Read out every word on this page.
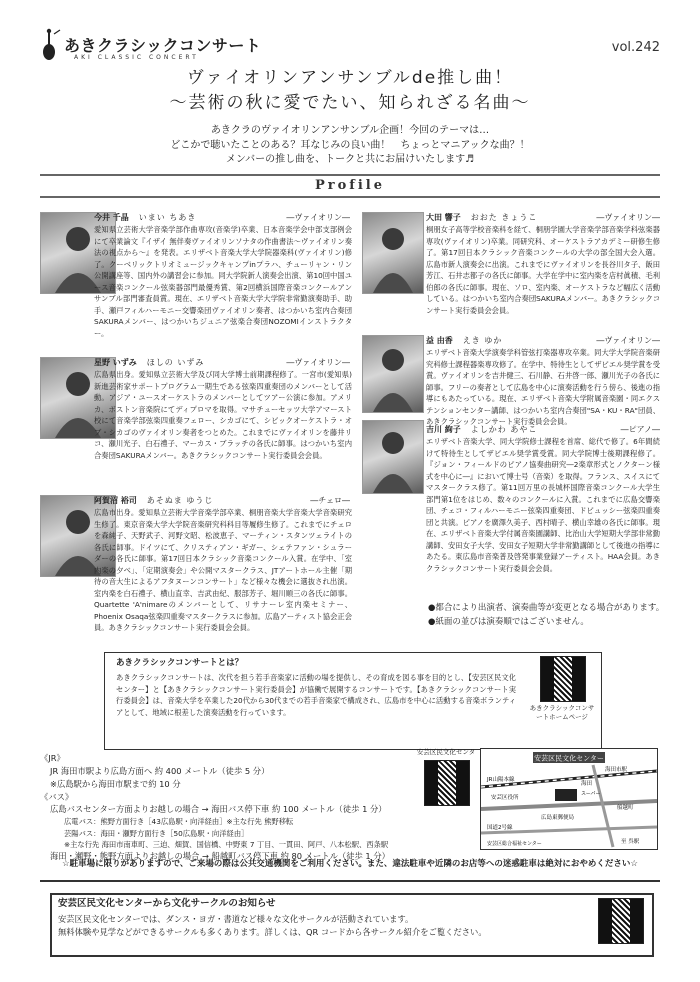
あきクラシックコンサート
AKI CLASSIC CONCERT
vol.242
ヴァイオリンアンサンブルde推し曲！
～芸術の秋に愛でたい、知られざる名曲～
あきクラのヴァイオリンアンサンブル企画！今回のテーマは…
どこかで聴いたことのある？耳なじみの良い曲！　ちょっとマニアックな曲？！
メンバーの推し曲を、トークと共にお届けいたします♬
Profile
今井 千晶 いまい ちあき	―ヴァイオリン―
愛知県立芸術大学音楽学部作曲専攻(音楽学)卒業、日本音楽学会中部支部例会にて卒業論文『イザイ 無伴奏ヴァイオリンソナタの作曲書法～ヴァイオリン奏法の視点から～』を発表。エリザベト音楽大学大学院器楽科(ヴァイオリン)修了。クーベリックトリオミュージックキャンプinプラハ、チューリャン・リン公開講座等、国内外の講習会に参加。同大学院新人演奏会出演、第10回中国ユース音楽コンクール弦楽器部門最優秀賞、第2回横浜国際音楽コンクールアンサンブル部門審査員賞。現在、エリザベト音楽大学大学院非常勤演奏助手、助手、瀬戸フィルハーモニー交響楽団ヴァイオリン奏者、はつかいち室内合奏団SAKURAメンバー、はつかいちジュニア弦楽合奏団NOZOMIインストラクター。
星野 いずみ ほしの いずみ	―ヴァイオリン―
広島県出身。愛知県立芸術大学及び同大学博士前期課程修了。一宮市(愛知県)新進芸術家サポートプログラム一期生である弦楽四重奏団のメンバーとして活動。アジア・ユースオーケストラのメンバーとしてツアー公演に参加。アメリカ、ボストン音楽院にてディプロマを取得。マサチューセッツ大学アマースト校にて音楽学部弦楽四重奏フェロー、シカゴにて、シビックオーケストラ・オブ・シカゴのヴァイオリン奏者をつとめた。これまでにヴァイオリンを藤井リコ、瀬川光子、白石禮子、マーカス・ブラッチの各氏に師事。はつかいち室内合奏団SAKURAメンバー。あきクラシックコンサート実行委員会会員。
阿賀沼 裕司 あそぬま ゆうじ	―チェロ―
広島市出身。愛知県立芸術大学音楽学部卒業、桐朋音楽大学音楽大学音楽研究生修了。東京音楽大学大学院音楽研究科科目等履修生修了。これまでにチェロを森純子、天野武子、河野文昭、松波恵子、マーティン・スタンツェライトの各氏に師事。ドイツにて、クリスティアン・ギガー、シェテファン・シュラーダーの各氏に師事。第17回日本クラシック音楽コンクール入賞。在学中、「室内楽の夕べ」、「定期演奏会」や公開マスタークラス、JTアートホール主催「期待の音大生によるアフタヌーンコンサート」など様々な機会に選抜され出演。室内楽を白石禮子、横山直幸、吉武由紀、服部芳子、堀川順三の各氏に師事。Quartette 'A'nimareのメンバーとして、リサナーレ室内楽セミナー、Phoenix Osaqa弦楽四重奏マスタークラスに参加。広島アーティスト協会正会員。あきクラシックコンサート実行委員会会員。
大田 響子 おおた きょうこ	―ヴァイオリン―
桐朋女子高等学校音楽科を経て、桐朋学園大学音楽学部音楽学科弦楽器専攻(ヴァイオリン)卒業。同研究科、オーケストラアカデミー研修生修了。第17回日本クラシック音楽コンクールの大学の部全国大会入選。広島市新人演奏会に出演。これまでにヴァイオリンを長谷川タ子、飯田芳江、石井志都子の各氏に師事。大学在学中に室内楽を店村眞積、毛利伯郎の各氏に師事。現在、ソロ、室内楽、オーケストラなど幅広く活動している。はつかいち室内合奏団SAKURAメンバー。あきクラシックコンサート実行委員会会員。
益 由香 えき ゆか	―ヴァイオリン―
エリザベト音楽大学演奏学科管弦打楽器専攻卒業。同大学大学院音楽研究科修士課程器楽専攻修了。在学中、特待生としてザビエル奨学賞を受賞。ヴァイオリンを吉井健三、石川静、石井啓一郎、瀬川光子の各氏に師事。フリーの奏者として広島を中心に演奏活動を行う傍ら、後進の指導にもあたっている。現在、エリザベト音楽大学附属音楽園・同エクステンションセンター講師、はつかいち室内合奏団"SA・KU・RA"団員、あきクラシックコンサート実行委員会会員。
吉川 絢子 よしかわ あやこ	―ピアノ―
エリザベト音楽大学、同大学院修士課程を首席、総代で修了。6年間続けて特待生としてザビエル奨学賞受賞。同大学院博士後期課程修了。『ジョン・フィールドのピアノ協奏曲研究―2楽章形式とノクターン様式を中心に―』において博士号（音楽）を取得。フランス、スイスにてマスタークラス修了。第11回万里の長城杯国際音楽コンクール大学生部門第1位をはじめ、数々のコンクールに入賞。これまでに広島交響楽団、チェコ・フィルハーモニー弦楽四重奏団、ドビュッシー弦楽四重奏団と共演。ピアノを廣澤久美子、西村晴子、横山幸雄の各氏に師事。現在、エリザベト音楽大学付属音楽園講師、比治山大学短期大学部非常勤講師、安田女子大学、安田女子短期大学非常勤講師として後進の指導にあたる。東広島市音楽普及啓発事業登録アーティスト。HAA会員。あきクラシックコンサート実行委員会会員。
●都合により出演者、演奏曲等が変更となる場合があります。
●紙面の並びは演奏順ではございません。
あきクラシックコンサートとは？
あきクラシックコンサートは、次代を担う若手音楽家に活動の場を提供し、その育成を図る事を目的とし、【安芸区民文化センター】と【あきクラシックコンサート実行委員会】が協働で展開するコンサートです。【あきクラシックコンサート実行委員会】は、音楽大学を卒業した20代から30代までの若手音楽家で構成され、広島市を中心に活動する音楽ボランティアとして、地域に根差した演奏活動を行っています。
あきクラシックコンサートホームページ
《JR》
JR 海田市駅より広島方面へ 約 400 メートル（徒歩 5 分）
※広島駅から海田市駅まで約 10 分
《バス》
広島バスセンター方面よりお越しの場合 → 海田バス停下車 約 100 メートル（徒歩 1 分）
広電バス：熊野方面行き［43広島駅・向洋経由］※主な行先 熊野移転
芸陽バス：海田・瀬野方面行き［50広島駅・向洋経由］
※主な行先 海田市南車町、三迫、畑賀、国信橋、中野東 7 丁目、一貫田、阿戸、八本松駅、西条駅
海田・瀬野・熊野方面よりお越しの場合 → 船越町バス停下車 約 80 メートル（徒歩 1 分）
安芸区民文化センタ
安芸区民文化センター
海田市駅
JR山陽本線
安芸区役所
広島東郵便局
国道2号線
船越町
海田
至 呉駅
安芸区総合福祉センター
スーパー
☆駐車場に限りがありますので、ご来場の際は公共交通機関をご利用ください。また、違法駐車や近隣のお店等への迷惑駐車は絶対におやめください☆
安芸区民文化センターから文化サークルのお知らせ
安芸区民文化センターでは、ダンス・ヨガ・書道など様々な文化サークルが活動されています。
無料体験や見学などができるサークルも多くあります。詳しくは、QR コードから各サークル紹介をご覧ください。
